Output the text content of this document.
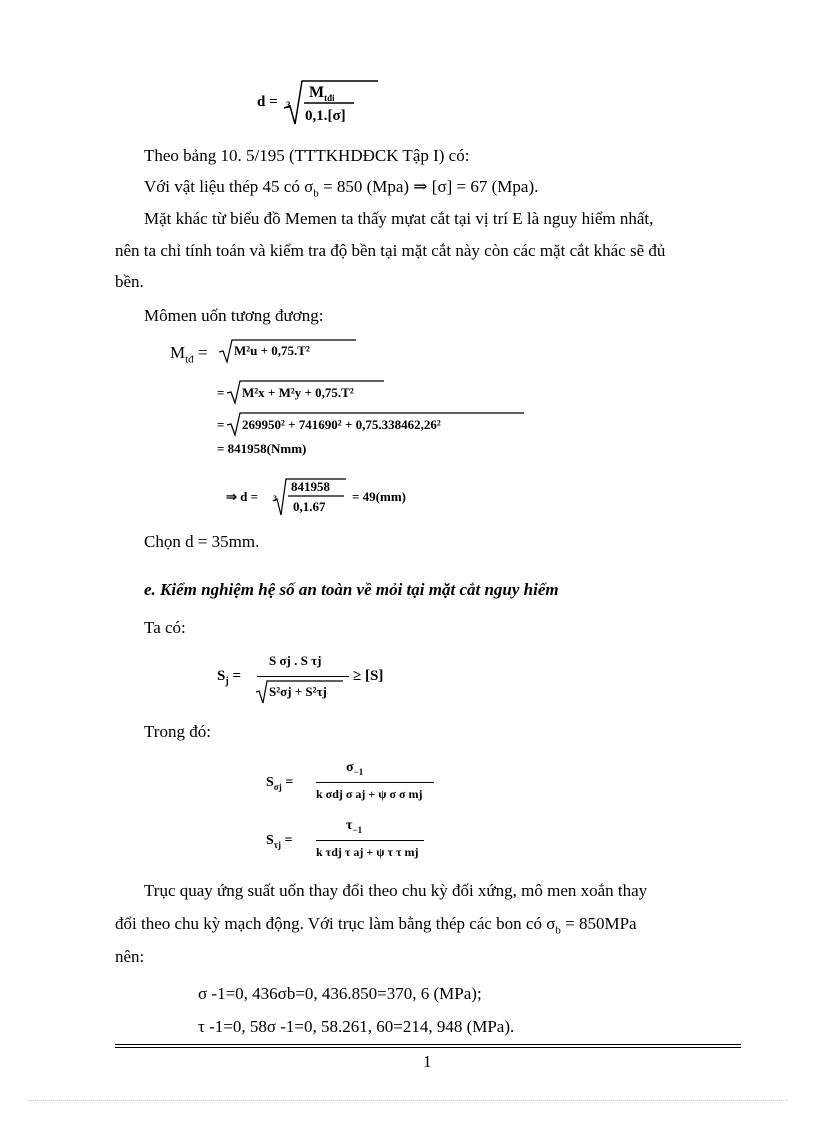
d = 3
$M_{tđi}$
0,1.[σ]
Theo bảng 10. 5/195 (TTTKHDĐCK Tập I) có:
Với vật liệu thép 45 có $\sigma_b = 850$ (Mpa) ⇒ [σ] = 67 (Mpa).
Mặt khác từ biểu đồ Memen ta thấy mựat cắt tại vị trí E là nguy hiểm nhất,
nên ta chỉ tính toán và kiểm tra độ bền tại mặt cắt này còn các mặt cắt khác sẽ đủ
bền.
Mômen uốn tương đương:
$M_{tđ} = M^2u + 0,75.T^2$
= M²x + M²y + 0,75.T²
= 269950² + 741690² + 0,75.338462,26²
= 841958(Nmm)
⇒ d = 3
841958
0,1.67
= 49(mm)
Chọn d = 35mm.
e. Kiểm nghiệm hệ số an toàn về mỏi tại mặt cắt nguy hiểm
Ta có:
$S_j$ =
S σj . S τj
S²σj + S²τj
≥ [S]
Trong đó:
$S_{\sigma j}$ =
$\sigma_{-1}$
k σdj σ aj + ψ σ σ mj
$S_{\tau j}$ =
$\tau_{-1}$
k τdj τ aj + ψ τ τ mj
Trục quay ứng suất uốn thay đổi theo chu kỳ đối xứng, mô men xoắn thay
đổi theo chu kỳ mạch động. Với trục làm bằng thép các bon có $\sigma_b = 850MPa$
nên:
σ -1=0, 436σb=0, 436.850=370, 6 (MPa);
τ -1=0, 58σ -1=0, 58.261, 60=214, 948 (MPa).
1
